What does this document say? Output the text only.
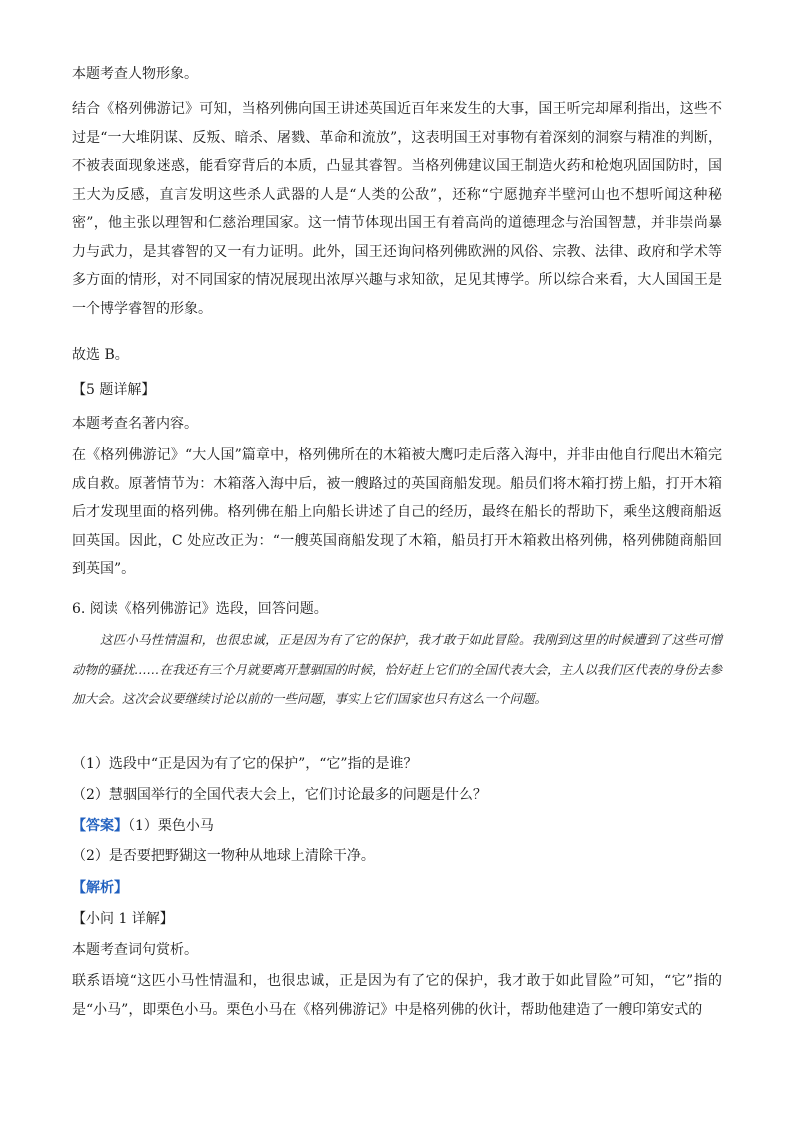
本题考查人物形象。

结合《格列佛游记》可知，当格列佛向国王讲述英国近百年来发生的大事，国王听完却犀利指出，这些不过是“一大堆阴谋、反叛、暗杀、屠戮、革命和流放”，这表明国王对事物有着深刻的洞察与精准的判断，不被表面现象迷惑，能看穿背后的本质，凸显其睿智。当格列佛建议国王制造火药和枪炮巩固国防时，国王大为反感，直言发明这些杀人武器的人是“人类的公敌”，还称“宁愿抛弃半壁河山也不想听闻这种秘密”，他主张以理智和仁慈治理国家。这一情节体现出国王有着高尚的道德理念与治国智慧，并非崇尚暴力与武力，是其睿智的又一有力证明。此外，国王还询问格列佛欧洲的风俗、宗教、法律、政府和学术等多方面的情形，对不同国家的情况展现出浓厚兴趣与求知欲，足见其博学。所以综合来看，大人国国王是一个博学睿智的形象。

故选 B。

【5 题详解】

本题考查名著内容。

在《格列佛游记》“大人国”篇章中，格列佛所在的木箱被大鹰叼走后落入海中，并非由他自行爬出木箱完成自救。原著情节为：木箱落入海中后，被一艘路过的英国商船发现。船员们将木箱打捞上船，打开木箱后才发现里面的格列佛。格列佛在船上向船长讲述了自己的经历，最终在船长的帮助下，乘坐这艘商船返回英国。因此，C 处应改正为：“一艘英国商船发现了木箱，船员打开木箱救出格列佛，格列佛随商船回到英国”。

6. 阅读《格列佛游记》选段，回答问题。

这匹小马性情温和，也很忠诚，正是因为有了它的保护，我才敢于如此冒险。我刚到这里的时候遭到了这些可憎动物的骚扰……在我还有三个月就要离开慧骃国的时候，恰好赶上它们的全国代表大会，主人以我们区代表的身份去参加大会。这次会议要继续讨论以前的一些问题，事实上它们国家也只有这么一个问题。

（1）选段中“正是因为有了它的保护”，“它”指的是谁？

（2）慧骃国举行的全国代表大会上，它们讨论最多的问题是什么？

【答案】（1）栗色小马

（2）是否要把野猢这一物种从地球上清除干净。

【解析】

【小问 1 详解】

本题考查词句赏析。

联系语境“这匹小马性情温和，也很忠诚，正是因为有了它的保护，我才敢于如此冒险”可知，“它”指的是“小马”，即栗色小马。栗色小马在《格列佛游记》中是格列佛的伙计，帮助他建造了一艘印第安式的
